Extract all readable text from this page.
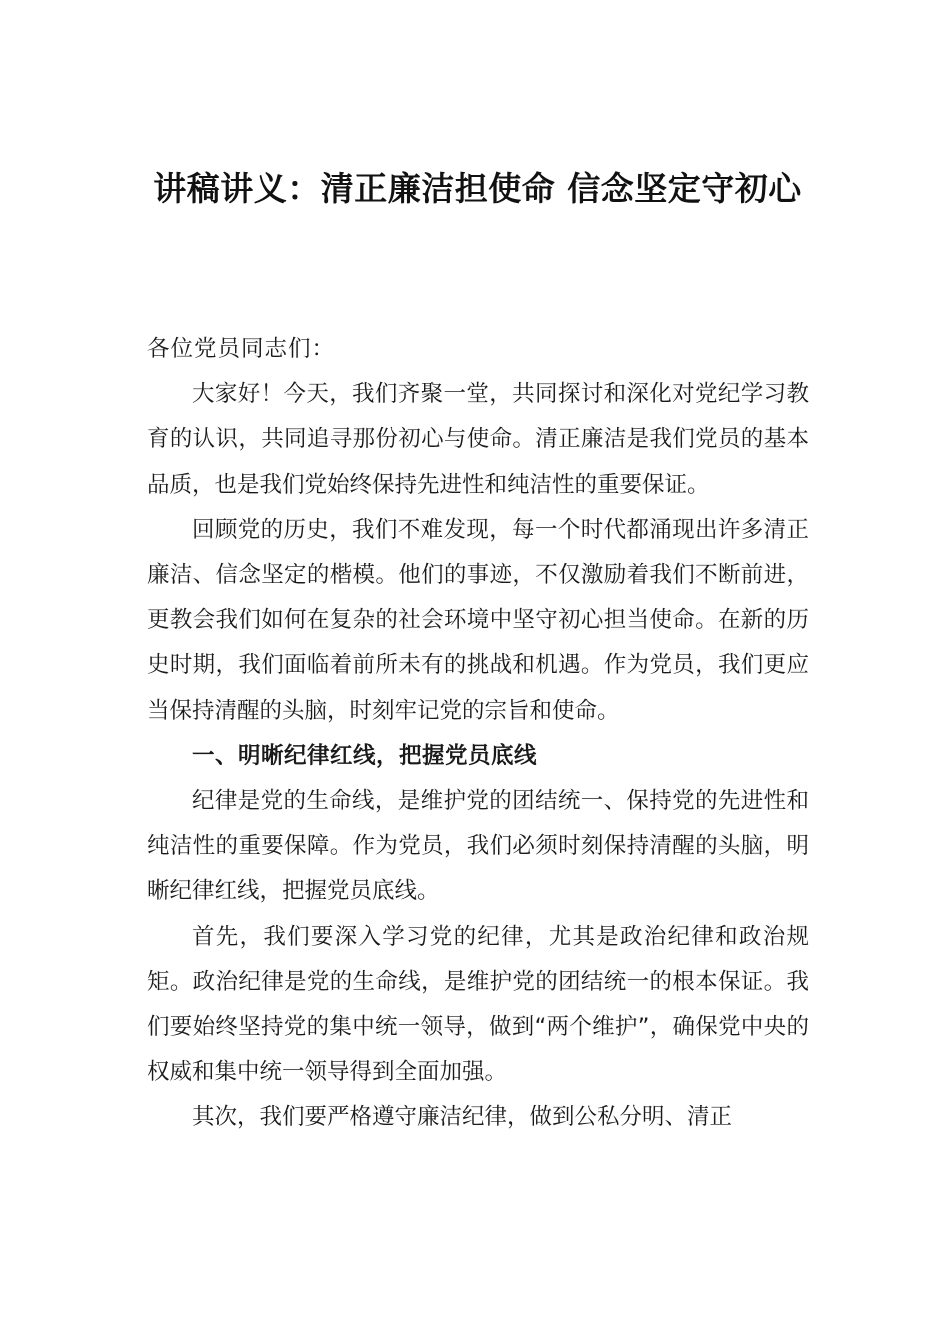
讲稿讲义：清正廉洁担使命 信念坚定守初心

各位党员同志们：

大家好！今天，我们齐聚一堂，共同探讨和深化对党纪学习教育的认识，共同追寻那份初心与使命。清正廉洁是我们党员的基本品质，也是我们党始终保持先进性和纯洁性的重要保证。

回顾党的历史，我们不难发现，每一个时代都涌现出许多清正廉洁、信念坚定的楷模。他们的事迹，不仅激励着我们不断前进，更教会我们如何在复杂的社会环境中坚守初心担当使命。在新的历史时期，我们面临着前所未有的挑战和机遇。作为党员，我们更应当保持清醒的头脑，时刻牢记党的宗旨和使命。

一、明晰纪律红线，把握党员底线

纪律是党的生命线，是维护党的团结统一、保持党的先进性和纯洁性的重要保障。作为党员，我们必须时刻保持清醒的头脑，明晰纪律红线，把握党员底线。

首先，我们要深入学习党的纪律，尤其是政治纪律和政治规矩。政治纪律是党的生命线，是维护党的团结统一的根本保证。我们要始终坚持党的集中统一领导，做到“两个维护”，确保党中央的权威和集中统一领导得到全面加强。

其次，我们要严格遵守廉洁纪律，做到公私分明、清正
